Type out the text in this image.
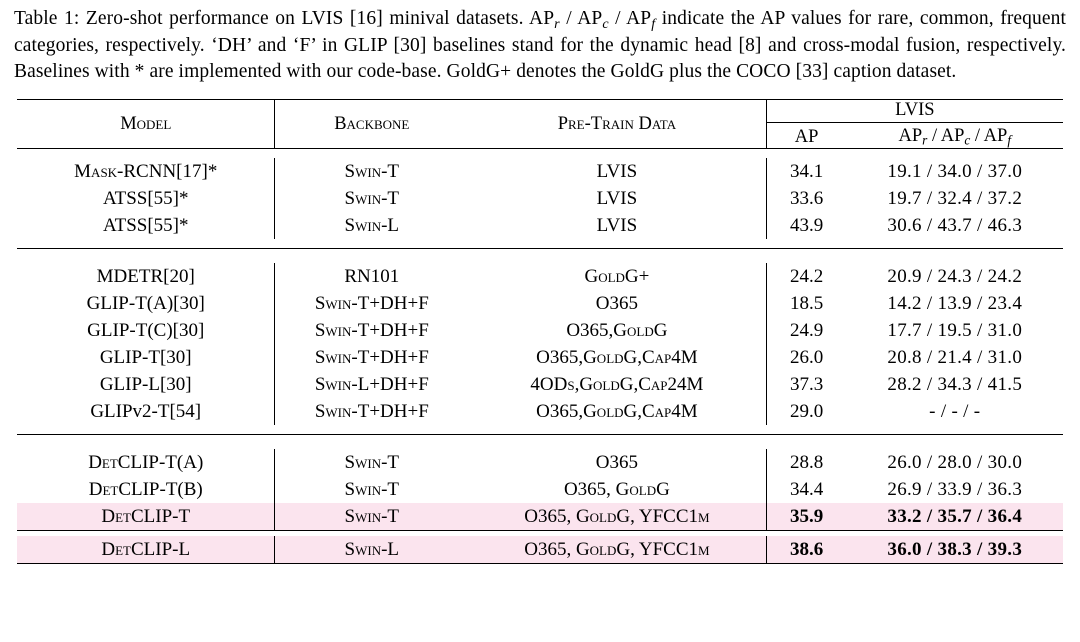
Table 1: Zero-shot performance on LVIS [16] minival datasets. $AP_r / AP_c / AP_f$ indicate the AP values for rare, common, frequent categories, respectively. ‘DH’ and ‘F’ in GLIP [30] baselines stand for the dynamic head [8] and cross-modal fusion, respectively. Baselines with * are implemented with our code-base. GoldG+ denotes the GoldG plus the COCO [33] caption dataset.

Model	Backbone	Pre-Train Data	LVIS	

			AP	APr / APc / APf

Mask-RCNN[17]*	Swin-T	LVIS	34.1	19.1 / 34.0 / 37.0
ATSS[55]*	Swin-T	LVIS	33.6	19.7 / 32.4 / 37.2
ATSS[55]*	Swin-L	LVIS	43.9	30.6 / 43.7 / 46.3

MDETR[20]	RN101	GoldG+	24.2	20.9 / 24.3 / 24.2
GLIP-T(A)[30]	Swin-T+DH+F	O365	18.5	14.2 / 13.9 / 23.4
GLIP-T(C)[30]	Swin-T+DH+F	O365,GoldG	24.9	17.7 / 19.5 / 31.0
GLIP-T[30]	Swin-T+DH+F	O365,GoldG,Cap4M	26.0	20.8 / 21.4 / 31.0
GLIP-L[30]	Swin-L+DH+F	4ODs,GoldG,Cap24M	37.3	28.2 / 34.3 / 41.5
GLIPv2-T[54]	Swin-T+DH+F	O365,GoldG,Cap4M	29.0	- / - / -

DetCLIP-T(A)	Swin-T	O365	28.8	26.0 / 28.0 / 30.0
DetCLIP-T(B)	Swin-T	O365, GoldG	34.4	26.9 / 33.9 / 36.3
DetCLIP-T	Swin-T	O365, GoldG, YFCC1m	35.9	33.2 / 35.7 / 36.4

DetCLIP-L	Swin-L	O365, GoldG, YFCC1m	38.6	36.0 / 38.3 / 39.3
